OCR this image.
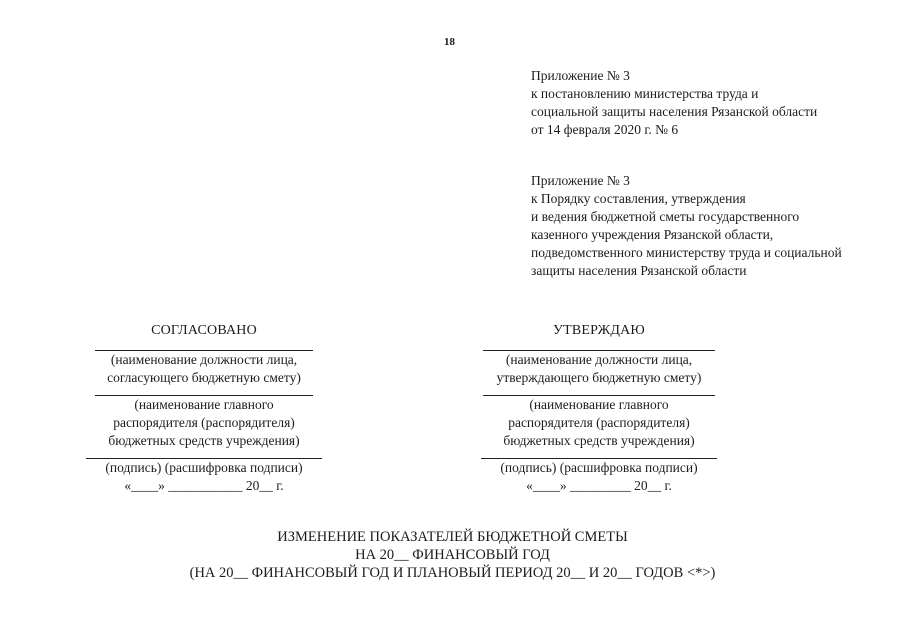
18
Приложение № 3
к постановлению министерства труда и
социальной защиты населения Рязанской области
от 14 февраля 2020 г. № 6
Приложение № 3
к Порядку составления, утверждения
и ведения бюджетной сметы государственного
казенного учреждения Рязанской области,
подведомственного министерству труда и социальной
защиты населения Рязанской области
СОГЛАСОВАНО
(наименование должности лица,
согласующего бюджетную смету)
(наименование главного
распорядителя (распорядителя)
бюджетных средств учреждения)
(подпись) (расшифровка подписи)
«____» ___________ 20__ г.
УТВЕРЖДАЮ
(наименование должности лица,
утверждающего бюджетную смету)
(наименование главного
распорядителя (распорядителя)
бюджетных средств учреждения)
(подпись) (расшифровка подписи)
«____» _________ 20__ г.
ИЗМЕНЕНИЕ ПОКАЗАТЕЛЕЙ БЮДЖЕТНОЙ СМЕТЫ
НА 20__ ФИНАНСОВЫЙ ГОД
(НА 20__ ФИНАНСОВЫЙ ГОД И ПЛАНОВЫЙ ПЕРИОД 20__ И 20__ ГОДОВ <*>)
